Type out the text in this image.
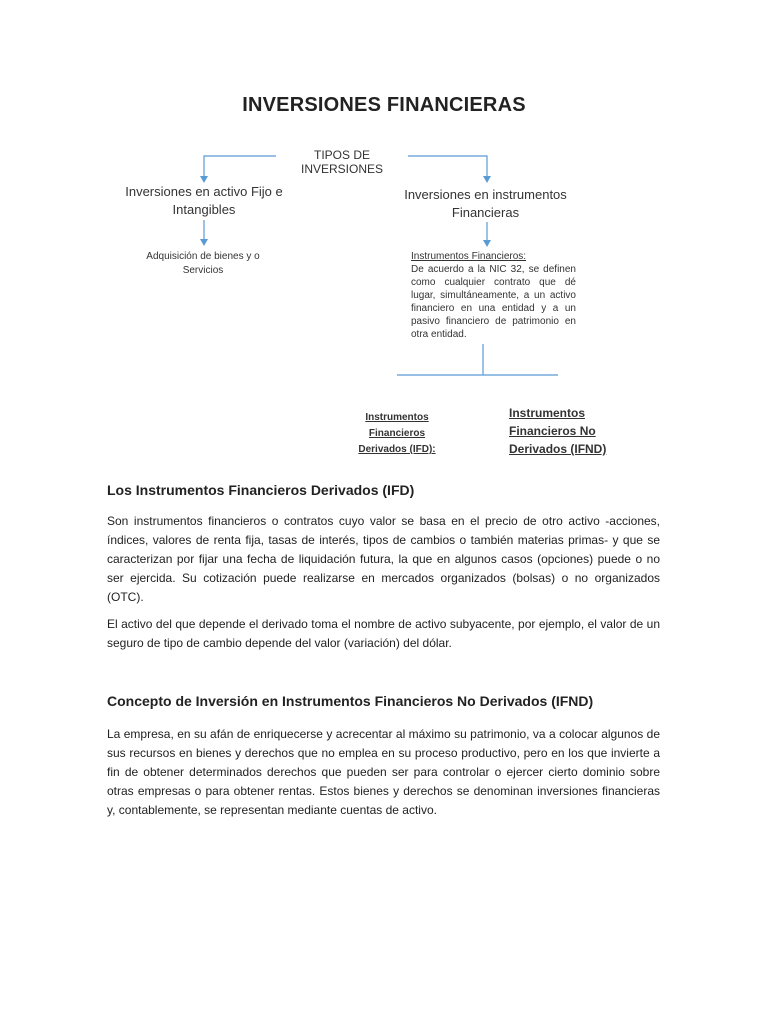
INVERSIONES FINANCIERAS
TIPOS DE INVERSIONES
Inversiones en activo Fijo e Intangibles
Inversiones en instrumentos Financieras
Adquisición de bienes y o Servicios
Instrumentos Financieros:
De acuerdo a la NIC 32, se definen como cualquier contrato que dé lugar, simultáneamente, a un activo financiero en una entidad y a un pasivo financiero de patrimonio en otra entidad.
Instrumentos Financieros Derivados (IFD):
Instrumentos Financieros No Derivados (IFND)
Los Instrumentos Financieros Derivados (IFD)
Son instrumentos financieros o contratos cuyo valor se basa en el precio de otro activo -acciones, índices, valores de renta fija, tasas de interés, tipos de cambios o también materias primas- y que se caracterizan por fijar una fecha de liquidación futura, la que en algunos casos (opciones) puede o no ser ejercida. Su cotización puede realizarse en mercados organizados (bolsas) o no organizados (OTC).
El activo del que depende el derivado toma el nombre de activo subyacente, por ejemplo, el valor de un seguro de tipo de cambio depende del valor (variación) del dólar.
Concepto de Inversión en Instrumentos Financieros No Derivados (IFND)
La empresa, en su afán de enriquecerse y acrecentar al máximo su patrimonio, va a colocar algunos de sus recursos en bienes y derechos que no emplea en su proceso productivo, pero en los que invierte a fin de obtener determinados derechos que pueden ser para controlar o ejercer cierto dominio sobre otras empresas o para obtener rentas. Estos bienes y derechos se denominan inversiones financieras y, contablemente, se representan mediante cuentas de activo.
